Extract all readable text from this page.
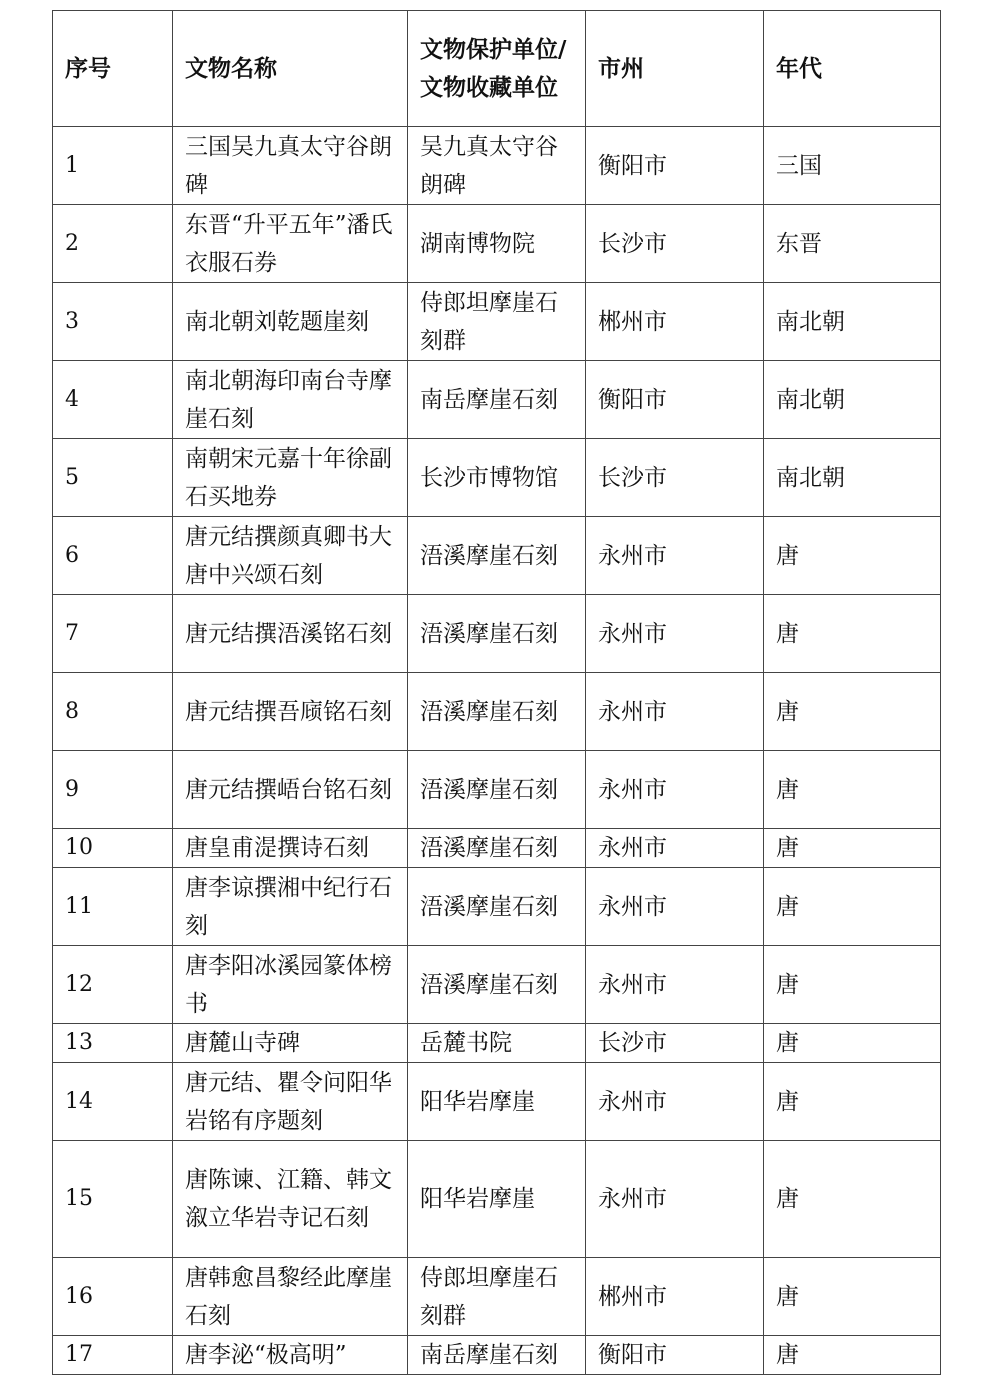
序号	文物名称	文物保护单位/文物收藏单位	市州	年代
1	三国吴九真太守谷朗碑	吴九真太守谷朗碑	衡阳市	三国
2	东晋“升平五年”潘氏衣服石券	湖南博物院	长沙市	东晋
3	南北朝刘乾题崖刻	侍郎坦摩崖石刻群	郴州市	南北朝
4	南北朝海印南台寺摩崖石刻	南岳摩崖石刻	衡阳市	南北朝
5	南朝宋元嘉十年徐副石买地券	长沙市博物馆	长沙市	南北朝
6	唐元结撰颜真卿书大唐中兴颂石刻	浯溪摩崖石刻	永州市	唐
7	唐元结撰浯溪铭石刻	浯溪摩崖石刻	永州市	唐
8	唐元结撰吾庼铭石刻	浯溪摩崖石刻	永州市	唐
9	唐元结撰峿台铭石刻	浯溪摩崖石刻	永州市	唐
10	唐皇甫湜撰诗石刻	浯溪摩崖石刻	永州市	唐
11	唐李谅撰湘中纪行石刻	浯溪摩崖石刻	永州市	唐
12	唐李阳冰溪园篆体榜书	浯溪摩崖石刻	永州市	唐
13	唐麓山寺碑	岳麓书院	长沙市	唐
14	唐元结、瞿令问阳华岩铭有序题刻	阳华岩摩崖	永州市	唐
15	唐陈谏、江籍、韩文溆立华岩寺记石刻	阳华岩摩崖	永州市	唐
16	唐韩愈昌黎经此摩崖石刻	侍郎坦摩崖石刻群	郴州市	唐
17	唐李泌“极高明”	南岳摩崖石刻	衡阳市	唐
